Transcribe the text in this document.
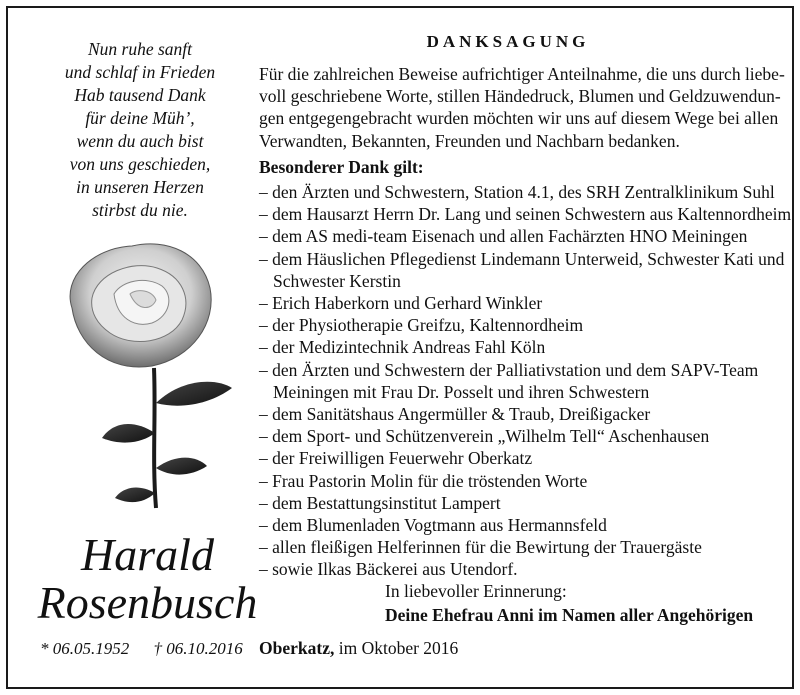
Nun ruhe sanft
und schlaf in Frieden
Hab tausend Dank
für deine Müh’,
wenn du auch bist
von uns geschieden,
in unseren Herzen
stirbst du nie.
Harald
Rosenbusch
* 06.05.1952 † 06.10.2016
DANKSAGUNG
Für die zahlreichen Beweise aufrichtiger Anteilnahme, die uns durch liebe-
voll geschriebene Worte, stillen Händedruck, Blumen und Geldzuwendun-
gen entgegengebracht wurden möchten wir uns auf diesem Wege bei allen
Verwandten, Bekannten, Freunden und Nachbarn bedanken.
Besonderer Dank gilt:
– den Ärzten und Schwestern, Station 4.1, des SRH Zentralklinikum Suhl
– dem Hausarzt Herrn Dr. Lang und seinen Schwestern aus Kaltennordheim
– dem AS medi-team Eisenach und allen Fachärzten HNO Meiningen
– dem Häuslichen Pflegedienst Lindemann Unterweid, Schwester Kati und
Schwester Kerstin
– Erich Haberkorn und Gerhard Winkler
– der Physiotherapie Greifzu, Kaltennordheim
– der Medizintechnik Andreas Fahl Köln
– den Ärzten und Schwestern der Palliativstation und dem SAPV-Team
Meiningen mit Frau Dr. Posselt und ihren Schwestern
– dem Sanitätshaus Angermüller & Traub, Dreißigacker
– dem Sport- und Schützenverein „Wilhelm Tell“ Aschenhausen
– der Freiwilligen Feuerwehr Oberkatz
– Frau Pastorin Molin für die tröstenden Worte
– dem Bestattungsinstitut Lampert
– dem Blumenladen Vogtmann aus Hermannsfeld
– allen fleißigen Helferinnen für die Bewirtung der Trauergäste
– sowie Ilkas Bäckerei aus Utendorf.
In liebevoller Erinnerung:
Deine Ehefrau Anni im Namen aller Angehörigen
Oberkatz, im Oktober 2016
